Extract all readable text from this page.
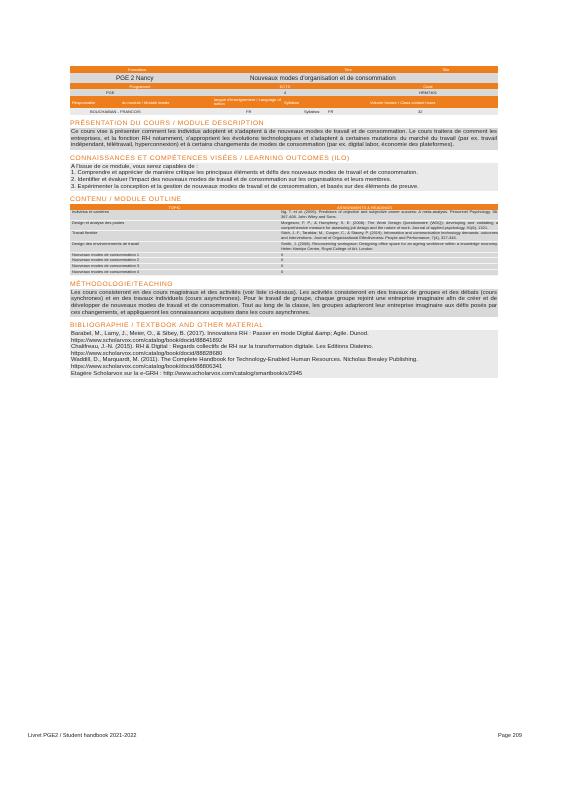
Formation	Titre	Title
PGE 2 Nancy	Nouveaux modes d'organisation et de consommation
Programme	ECTS	Code
PGE	4	HRM7401
Responsable	du module / Module leader
langue d'enseignement / Language of tuition	Syllabus	Volume horaire / Class contact hours
BOUCHAIBAN - FRANCOIS	FR	Syllabus:	FR	32
PRÉSENTATION DU COURS / MODULE DESCRIPTION

Ce cours vise à présenter comment les individus adoptent et s'adaptent à de nouveaux modes de travail et de consommation. Le cours traitera de comment les entreprises, et la fonction RH notamment, s'approprient les évolutions technologiques et s'adaptent à certaines mutations du marché du travail (par ex. travail indépendant, télétravail, hyperconnexion) et à certains changements de modes de consommation (par ex. digital labor, économie des plateformes).

CONNAISSANCES ET COMPÉTENCES VISÉES / LEARNING OUTCOMES (ILO)

A l'issue de ce module, vous serez capables de :

1. Comprendre et apprécier de manière critique les principaux éléments et défis des nouveaux modes de travail et de consommation.

2. Identifier et évaluer l'impact des nouveaux modes de travail et de consommation sur les organisations et leurs membres.

3. Expérimenter la conception et la gestion de nouveaux modes de travail et de consommation, et basés sur des éléments de preuve.

CONTENU / MODULE OUTLINE
TOPIC	ASSIGNMENTS & READINGS
Individus et carrières	Ng, T. et al. (2005). Predictors of objective and subjective career success: A meta-analysis. Personnel Psychology, 58, 367-408. John Wiley and Sons.
Design et analyse des postes	Morgeson, F. P., & Humphrey, S. E. (2006). The Work Design Questionnaire (WDQ): developing and validating a comprehensive measure for assessing job design and the nature of work. Journal of applied psychology, 91(6), 1321.
Travail flexible	Stich, J.-F., Tarafdar, M., Cooper, C., & Stacey, P. (2019). Information and communication technology demands: outcomes and interventions. Journal of Organizational Effectiveness: People and Performance, 7(4), 327-345.
Design des environnements de travail	Smith, J. (2008). Reconceiving workspace: Designing office space for an ageing workforce within a knowledge economy. Helen Hamlyn Centre, Royal College of Art, London.
Nouveaux modes de consommation 1	0
Nouveaux modes de consommation 2	0
Nouveaux modes de consommation 3	0
Nouveaux modes de consommation 4	0
MÉTHODOLOGIE/TEACHING

Les cours consisteront en des cours magistraux et des activités (voir liste ci-dessus). Les activités consisteront en des travaux de groupes et des débats (cours synchrones) et en des travaux individuels (cours asynchrones). Pour le travail de groupe, chaque groupe rejoint une entreprise imaginaire afin de créer et de développer de nouveaux modes de travail et de consommation. Tout au long de la classe, les groupes adapteront leur entreprise imaginaire aux défis posés par ces changements, et appliqueront les connaissances acquises dans les cours asynchrones.

BIBLIOGRAPHIE / TEXTBOOK AND OTHER MATERIAL

Barabel, M., Lamy, J., Meier, O., & Sibey, B. (2017). Innovations RH : Passer en mode Digital &amp; Agile. Dunod. https://www.scholarvox.com/catalog/book/docid/88841892

Chalifreau, J.-N. (2015). RH & Digital : Regards collectifs de RH sur la transformation digitale. Les Editions Diateino. https://www.scholarvox.com/catalog/book/docid/88828680

Waddill, D., Marquardt, M. (2011). The Complete Handbook for Technology-Enabled Human Resources. Nicholas Brealey Publishing. https://www.scholarvox.com/catalog/book/docid/88806341

Etagère Scholarvox sur la e-GRH : http://www.scholarvox.com/catalog/smartbook/s/2945

Livret PGE2 / Student handbook 2021-2022	Page 209
